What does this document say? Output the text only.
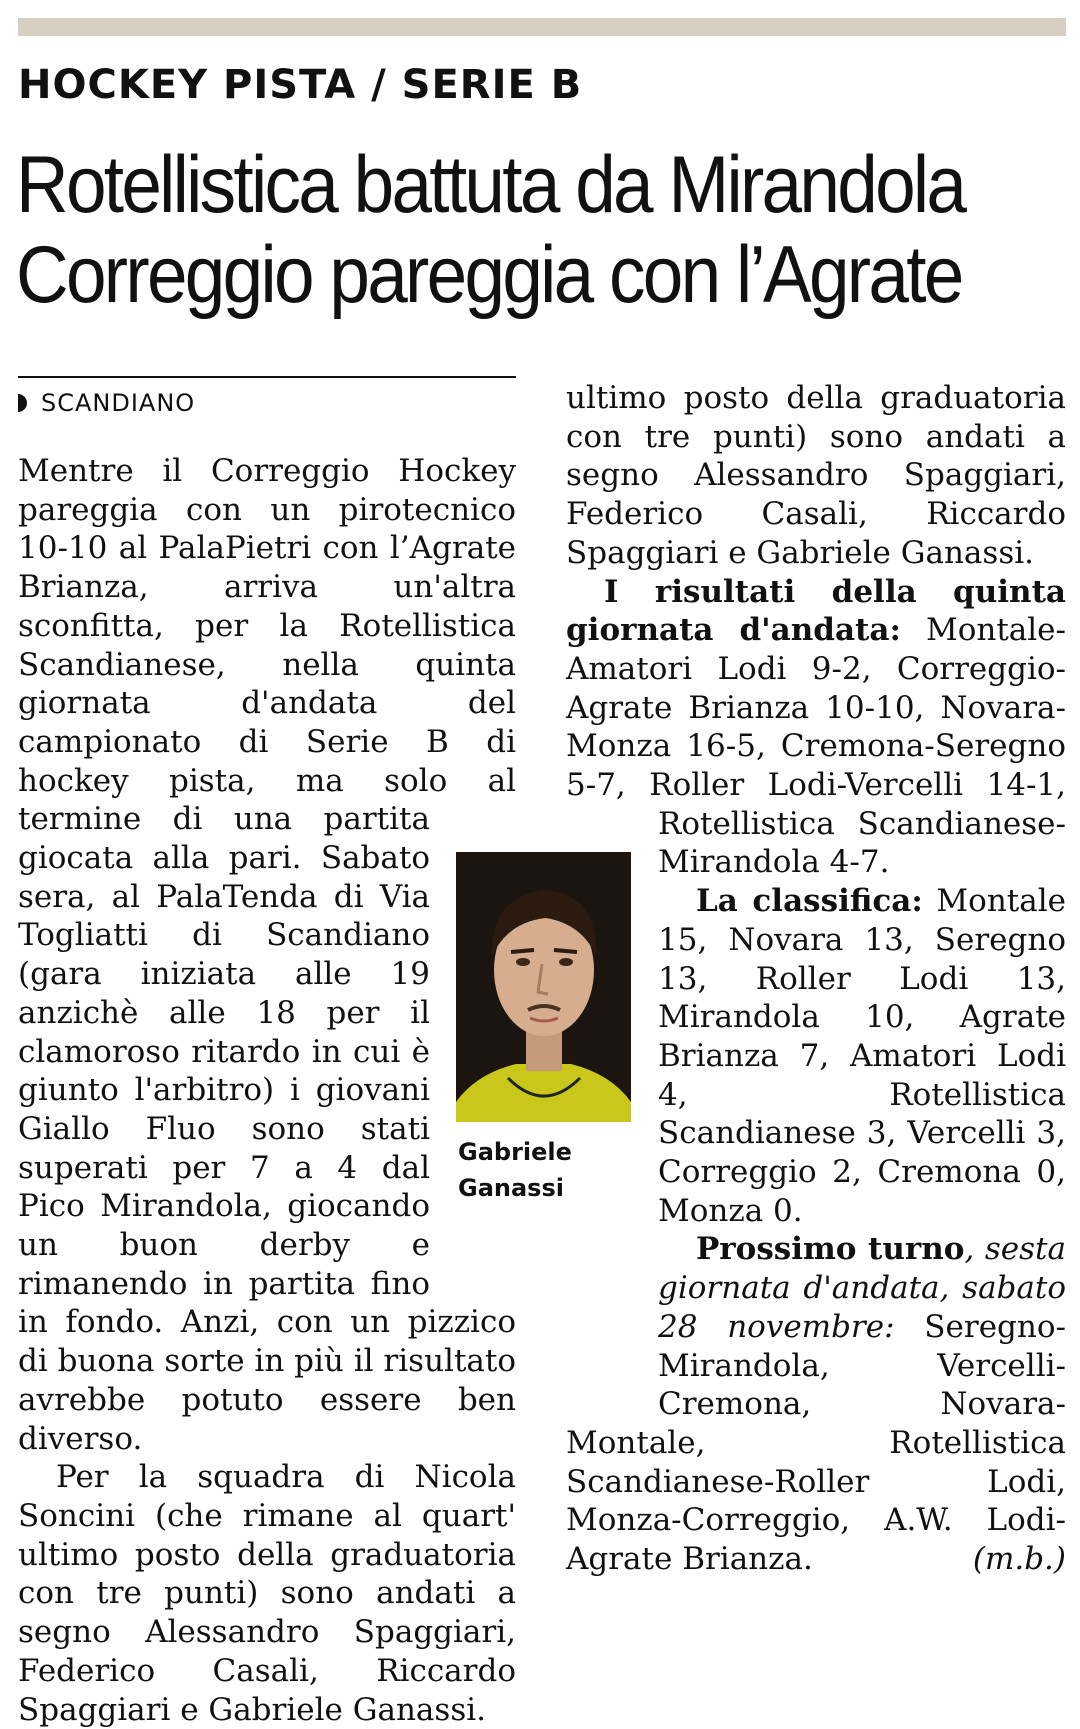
HOCKEY PISTA / SERIE B
Rotellistica battuta da Mirandola
Correggio pareggia con l’Agrate
SCANDIANO

Mentre il Correggio Hockey pareggia con un pirotecnico 10-10 al PalaPietri con l’Agrate Brianza, arriva un'altra sconfitta, per la Rotellistica Scandianese, nella quinta giornata d'andata del campionato di Serie B di hockey pista, ma solo al termine di una partita giocata alla pari. Sabato sera, al PalaTenda di Via Togliatti di Scandiano (gara iniziata alle 19 anzichè alle 18 per il clamoroso ritardo in cui è giunto l'arbitro) i giovani Giallo Fluo sono stati superati per 7 a 4 dal Pico Mirandola, giocando un buon derby e rimanendo in partita fino in fondo. Anzi, con un pizzico di buona sorte in più il risultato avrebbe potuto essere ben diverso.

Per la squadra di Nicola Soncini (che rimane al quart' ultimo posto della graduatoria con tre punti) sono andati a segno Alessandro Spaggiari, Federico Casali, Riccardo Spaggiari e Gabriele Ganassi.

ultimo posto della graduatoria con tre punti) sono andati a segno Alessandro Spaggiari, Federico Casali, Riccardo Spaggiari e Gabriele Ganassi.

I risultati della quinta giornata d'andata: Montale-Amatori Lodi 9-2, Correggio-Agrate Brianza 10-10, Novara-Monza 16-5, Cremona-Seregno 5-7, Roller Lodi-Vercelli 14-1, Rotellistica Scandianese-Mirandola 4-7.

La classifica: Montale 15, Novara 13, Seregno 13, Roller Lodi 13, Mirandola 10, Agrate Brianza 7, Amatori Lodi 4, Rotellistica Scandianese 3, Vercelli 3, Correggio 2, Cremona 0, Monza 0.

Prossimo turno, sesta giornata d'andata, sabato 28 novembre: Seregno-Mirandola, Vercelli-Cremona, Novara-Montale, Rotellistica Scandianese-Roller Lodi, Monza-Correggio, A.W. Lodi-Agrate Brianza.	(m.b.)

Gabriele
Ganassi
